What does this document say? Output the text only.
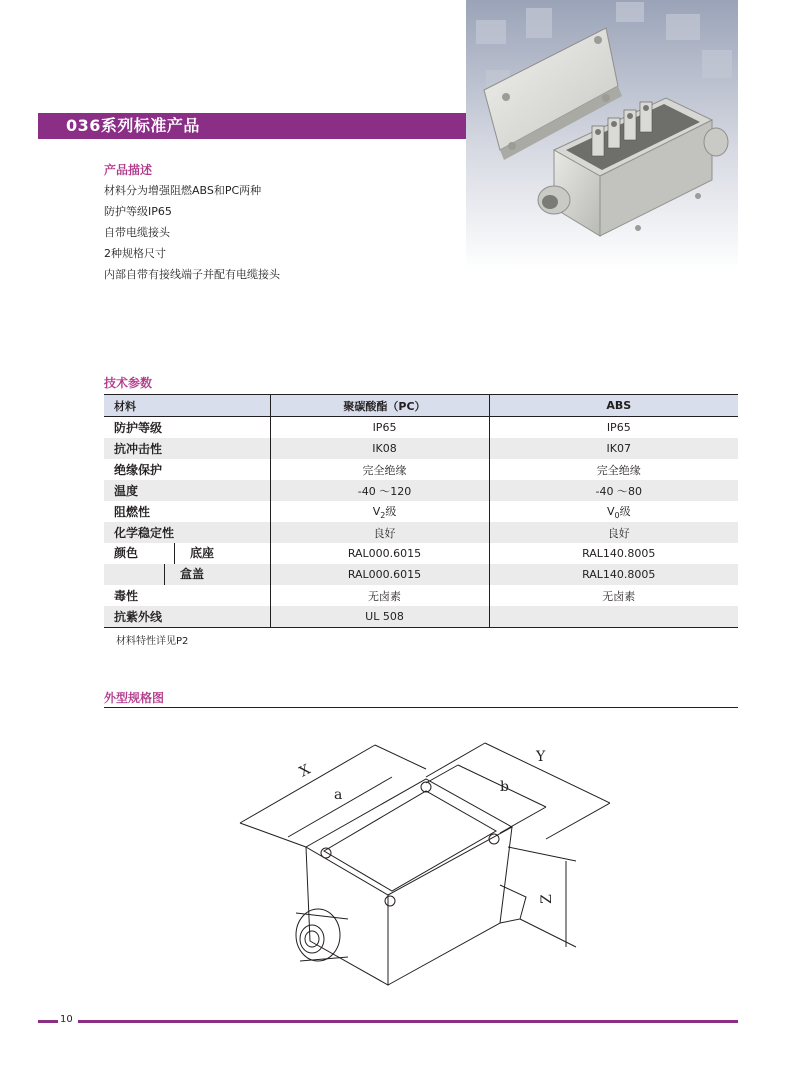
036系列标准产品
产品描述
材料分为增强阻燃ABS和PC两种
防护等级IP65
自带电缆接头
2种规格尺寸
内部自带有接线端子并配有电缆接头
技术参数
材料	聚碳酸酯（PC）	ABS
防护等级	IP65	IP65
抗冲击性	IK08	IK07
绝缘保护	完全绝缘	完全绝缘
温度	-40 ～120	-40 ～80
阻燃性	$V_2$级	$V_0$级
化学稳定性	良好	良好

颜色 底座	RAL000.6015	RAL140.8005

盒盖	RAL000.6015	RAL140.8005
毒性	无卤素	无卤素
抗紫外线	UL 508	
材料特性详见P2
外型规格图
X
a
Y
b
Z
10
